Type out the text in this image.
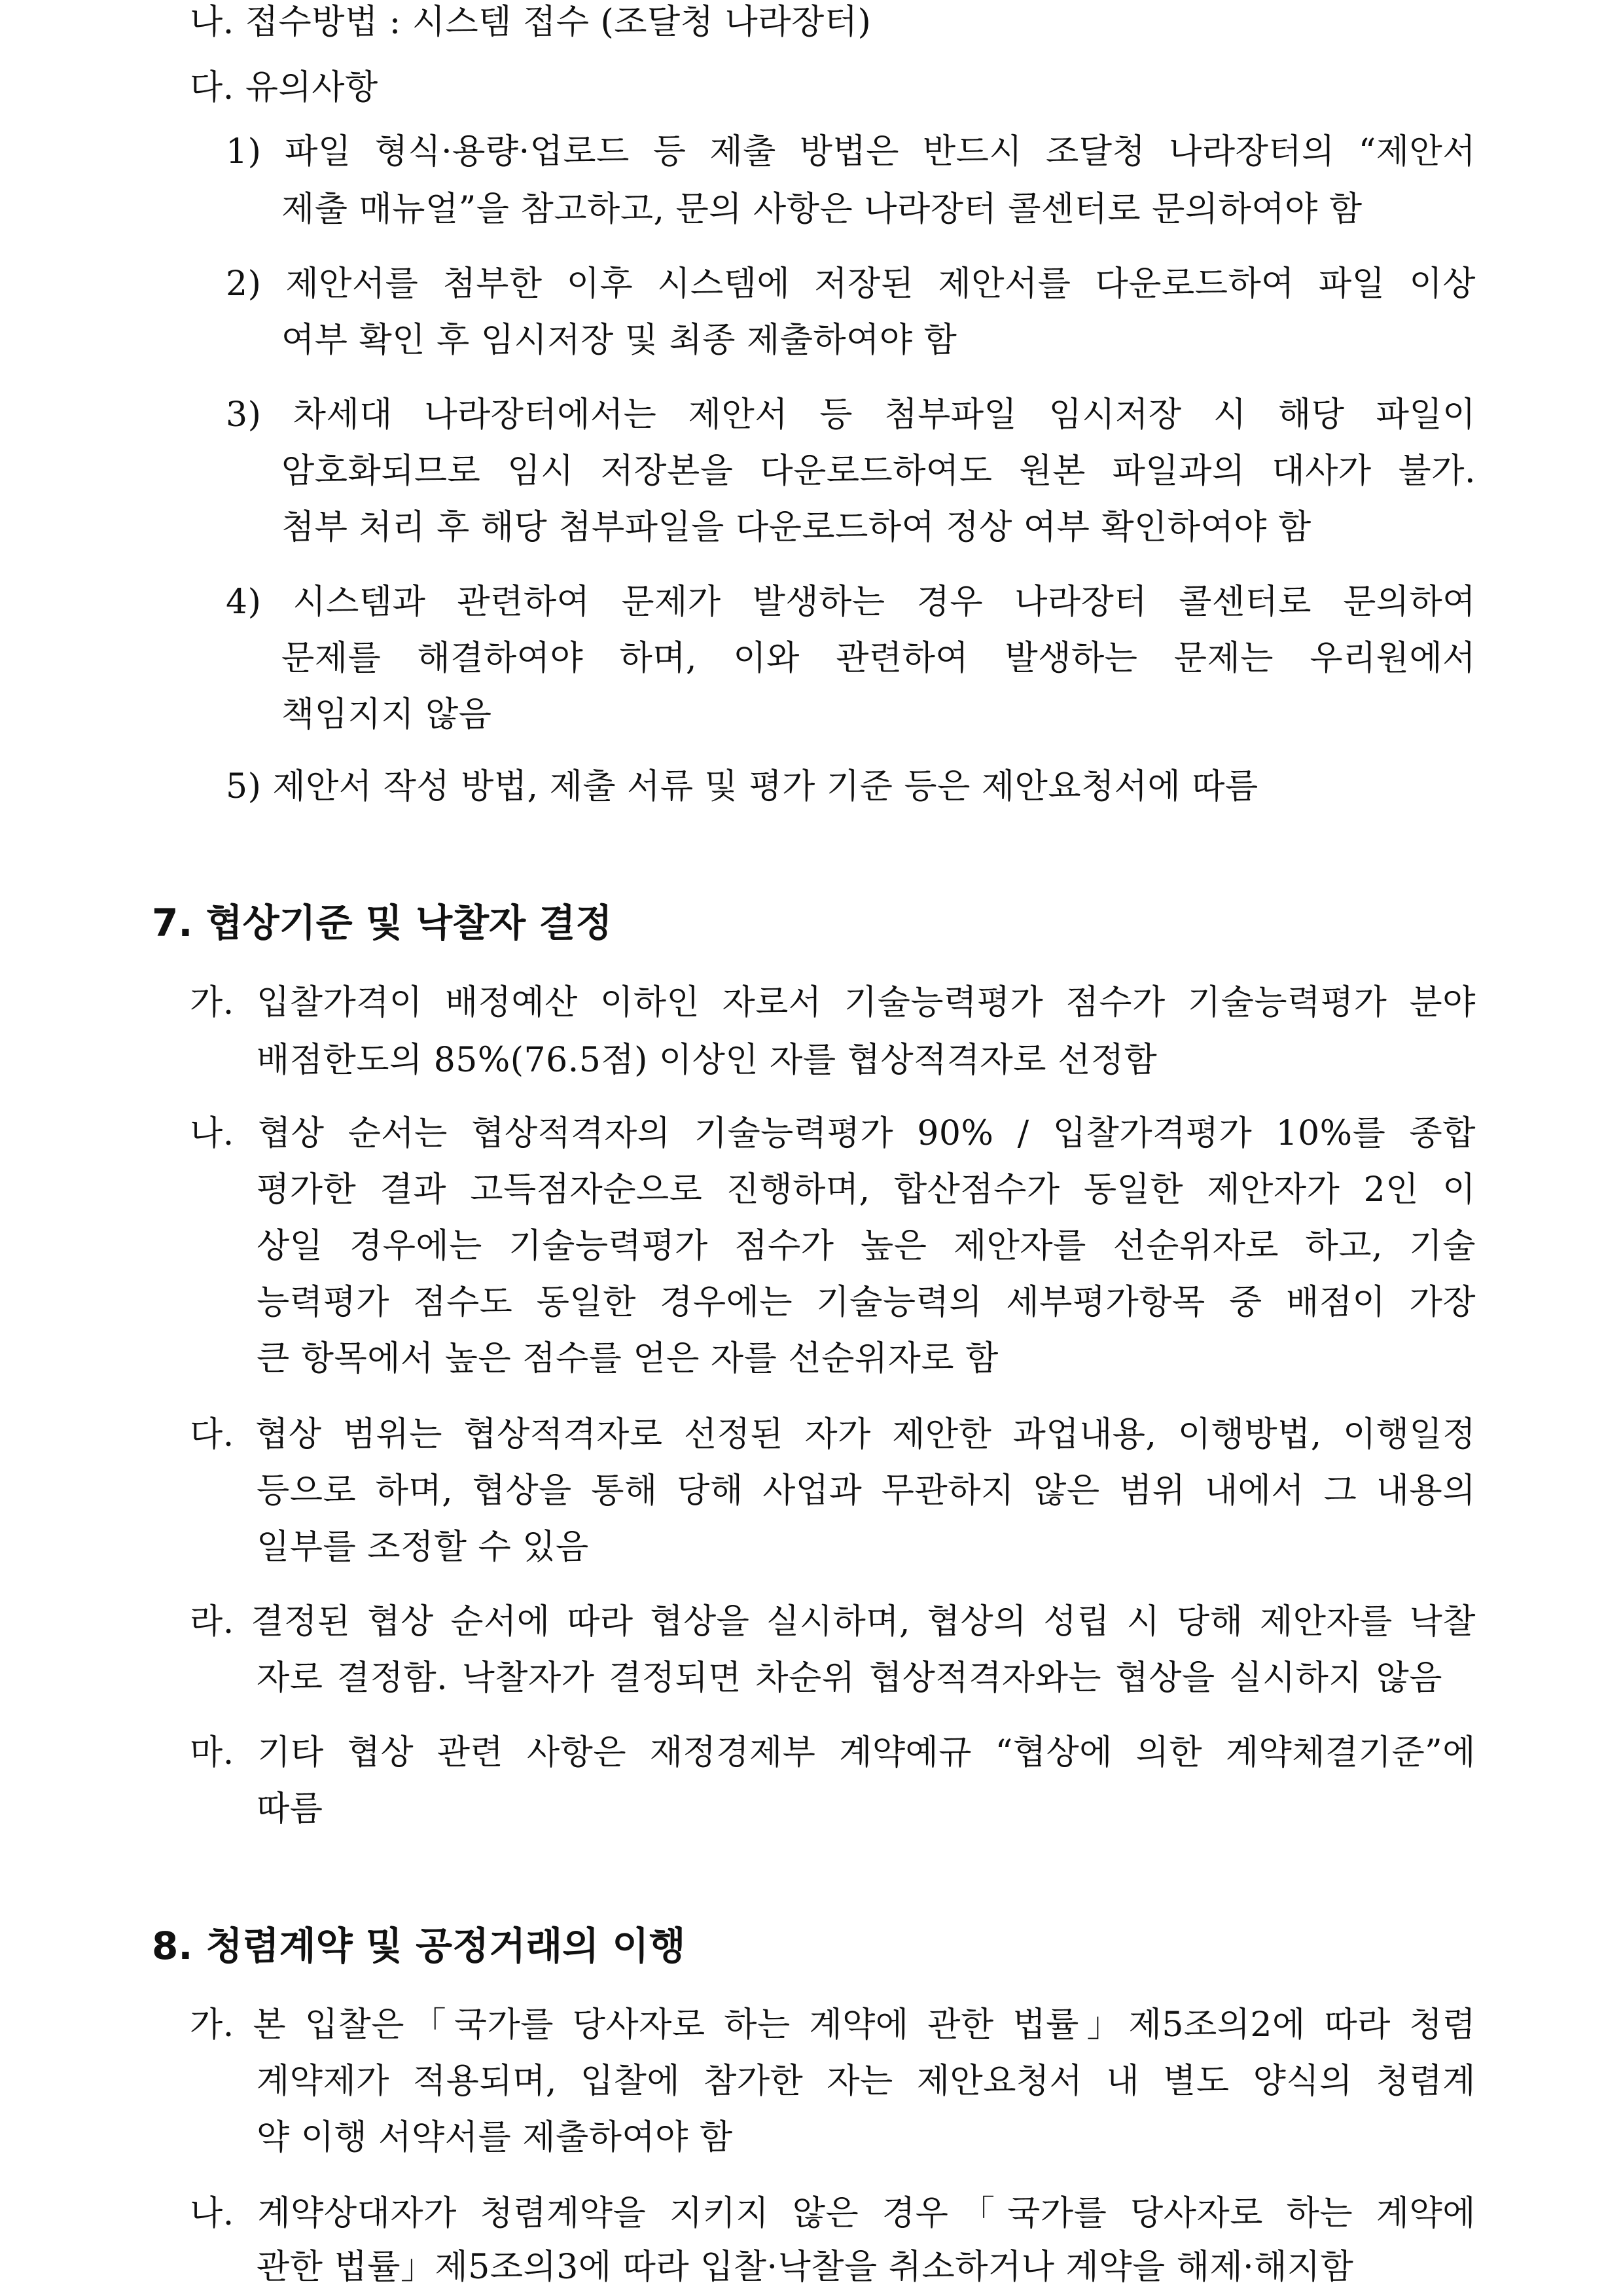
나. 접수방법 : 시스템 접수 (조달청 나라장터)

다. 유의사항

1) 파일 형식·용량·업로드 등 제출 방법은 반드시 조달청 나라장터의 “제안서

제출 매뉴얼”을 참고하고, 문의 사항은 나라장터 콜센터로 문의하여야 함

2) 제안서를 첨부한 이후 시스템에 저장된 제안서를 다운로드하여 파일 이상

여부 확인 후 임시저장 및 최종 제출하여야 함

3) 차세대 나라장터에서는 제안서 등 첨부파일 임시저장 시 해당 파일이

암호화되므로 임시 저장본을 다운로드하여도 원본 파일과의 대사가 불가.

첨부 처리 후 해당 첨부파일을 다운로드하여 정상 여부 확인하여야 함

4) 시스템과 관련하여 문제가 발생하는 경우 나라장터 콜센터로 문의하여

문제를 해결하여야 하며, 이와 관련하여 발생하는 문제는 우리원에서

책임지지 않음

5) 제안서 작성 방법, 제출 서류 및 평가 기준 등은 제안요청서에 따름

7. 협상기준 및 낙찰자 결정

가. 입찰가격이 배정예산 이하인 자로서 기술능력평가 점수가 기술능력평가 분야

배점한도의 85%(76.5점) 이상인 자를 협상적격자로 선정함

나. 협상 순서는 협상적격자의 기술능력평가 90% / 입찰가격평가 10%를 종합

평가한 결과 고득점자순으로 진행하며, 합산점수가 동일한 제안자가 2인 이

상일 경우에는 기술능력평가 점수가 높은 제안자를 선순위자로 하고, 기술

능력평가 점수도 동일한 경우에는 기술능력의 세부평가항목 중 배점이 가장

큰 항목에서 높은 점수를 얻은 자를 선순위자로 함

다. 협상 범위는 협상적격자로 선정된 자가 제안한 과업내용, 이행방법, 이행일정

등으로 하며, 협상을 통해 당해 사업과 무관하지 않은 범위 내에서 그 내용의

일부를 조정할 수 있음

라. 결정된 협상 순서에 따라 협상을 실시하며, 협상의 성립 시 당해 제안자를 낙찰

자로 결정함. 낙찰자가 결정되면 차순위 협상적격자와는 협상을 실시하지 않음

마. 기타 협상 관련 사항은 재정경제부 계약예규 “협상에 의한 계약체결기준”에

따름

8. 청렴계약 및 공정거래의 이행

가. 본 입찰은「국가를 당사자로 하는 계약에 관한 법률」제5조의2에 따라 청렴

계약제가 적용되며, 입찰에 참가한 자는 제안요청서 내 별도 양식의 청렴계

약 이행 서약서를 제출하여야 함

나. 계약상대자가 청렴계약을 지키지 않은 경우「국가를 당사자로 하는 계약에

관한 법률」제5조의3에 따라 입찰·낙찰을 취소하거나 계약을 해제·해지함
